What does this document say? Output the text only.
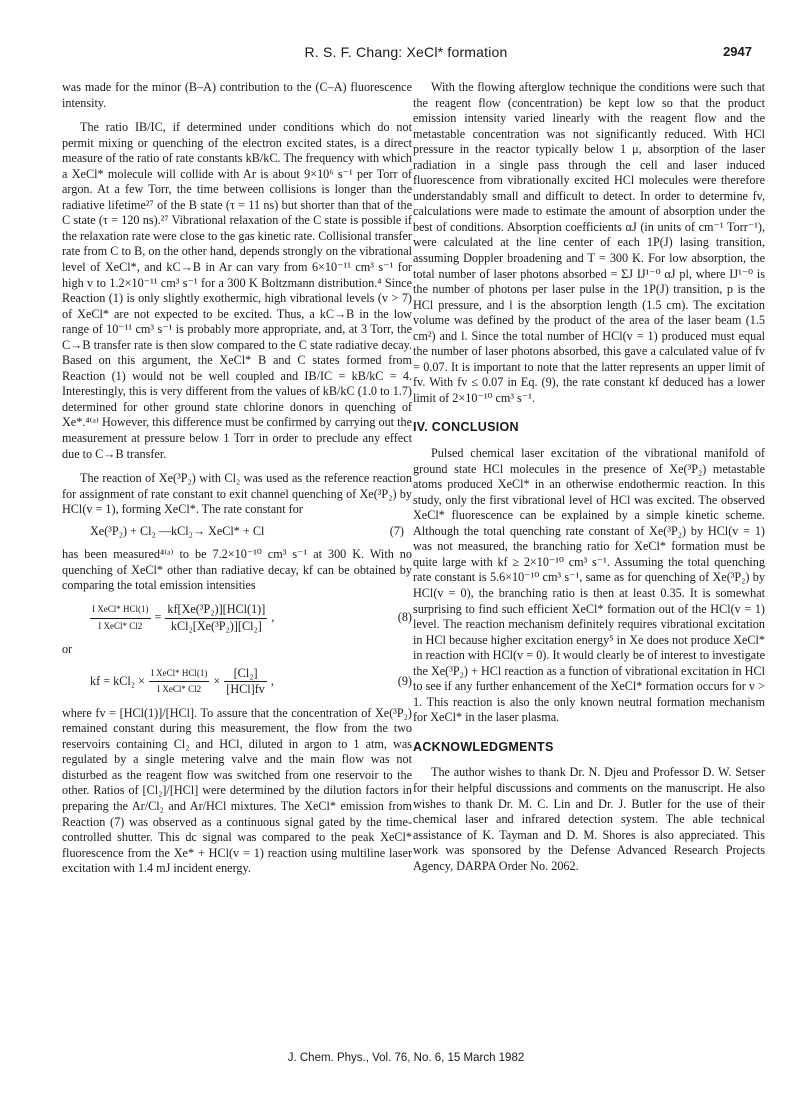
R. S. F. Chang: XeCl* formation	2947

was made for the minor (B–A) contribution to the (C–A) fluorescence intensity.

The ratio IB/IC, if determined under conditions which do not permit mixing or quenching of the electron excited states, is a direct measure of the ratio of rate constants kB/kC. The frequency with which a XeCl* molecule will collide with Ar is about 9×10⁶ s⁻¹ per Torr of argon. At a few Torr, the time between collisions is longer than the radiative lifetime²⁷ of the B state (τ = 11 ns) but shorter than that of the C state (τ = 120 ns).²⁷ Vibrational relaxation of the C state is possible if the relaxation rate were close to the gas kinetic rate. Collisional transfer rate from C to B, on the other hand, depends strongly on the vibrational level of XeCl*, and kC→B in Ar can vary from 6×10⁻¹¹ cm³ s⁻¹ for high v to 1.2×10⁻¹¹ cm³ s⁻¹ for a 300 K Boltzmann distribution.⁴ Since Reaction (1) is only slightly exothermic, high vibrational levels (v > 7) of XeCl* are not expected to be excited. Thus, a kC→B in the low range of 10⁻¹¹ cm³ s⁻¹ is probably more appropriate, and, at 3 Torr, the C→B transfer rate is then slow compared to the C state radiative decay. Based on this argument, the XeCl* B and C states formed from Reaction (1) would not be well coupled and IB/IC = kB/kC = 4. Interestingly, this is very different from the values of kB/kC (1.0 to 1.7) determined for other ground state chlorine donors in quenching of Xe*.⁴⁽ᵃ⁾ However, this difference must be confirmed by carrying out the measurement at pressure below 1 Torr in order to preclude any effect due to C→B transfer.

The reaction of Xe(³P₂) with Cl₂ was used as the reference reaction for assignment of rate constant to exit channel quenching of Xe(³P₂) by HCl(v = 1), forming XeCl*. The rate constant for

Xe(³P₂) + Cl₂ —kCl₂→ XeCl* + Cl	(7)

has been measured⁴⁽ᵃ⁾ to be 7.2×10⁻¹⁰ cm³ s⁻¹ at 300 K. With no quenching of XeCl* other than radiative decay, kf can be obtained by comparing the total emission intensities

$\frac{\text{I XeCl* HCl(1)}}{\text{I XeCl* Cl2}} = \frac{\text{kf[Xe(³P₂)][HCl(1)]}}{\text{kCl₂[Xe(³P₂)][Cl₂]}}$ ,	(8)

or

kf = $kCl_2 \times \frac{\text{I XeCl* HCl(1)}}{\text{I XeCl* Cl2}} \times \frac{\text{[Cl₂]}}{\text{[HCl]fv}}$ ,	(9)

where fv = [HCl(1)]/[HCl]. To assure that the concentration of Xe(³P₂) remained constant during this measurement, the flow from the two reservoirs containing Cl₂ and HCl, diluted in argon to 1 atm, was regulated by a single metering valve and the main flow was not disturbed as the reagent flow was switched from one reservoir to the other. Ratios of [Cl₂]/[HCl] were determined by the dilution factors in preparing the Ar/Cl₂ and Ar/HCl mixtures. The XeCl* emission from Reaction (7) was observed as a continuous signal gated by the time-controlled shutter. This dc signal was compared to the peak XeCl* fluorescence from the Xe* + HCl(v = 1) reaction using multiline laser excitation with 1.4 mJ incident energy.

With the flowing afterglow technique the conditions were such that the reagent flow (concentration) be kept low so that the product emission intensity varied linearly with the reagent flow and the metastable concentration was not significantly reduced. With HCl pressure in the reactor typically below 1 μ, absorption of the laser radiation in a single pass through the cell and laser induced fluorescence from vibrationally excited HCl molecules were therefore understandably small and difficult to detect. In order to determine fv, calculations were made to estimate the amount of absorption under the best of conditions. Absorption coefficients αJ (in units of cm⁻¹ Torr⁻¹), were calculated at the line center of each 1P(J) lasing transition, assuming Doppler broadening and T = 300 K. For low absorption, the total number of laser photons absorbed = ΣJ IJ¹⁻⁰ αJ pl, where IJ¹⁻⁰ is the number of photons per laser pulse in the 1P(J) transition, p is the HCl pressure, and l is the absorption length (1.5 cm). The excitation volume was defined by the product of the area of the laser beam (1.5 cm²) and l. Since the total number of HCl(v = 1) produced must equal the number of laser photons absorbed, this gave a calculated value of fv = 0.07. It is important to note that the latter represents an upper limit of fv. With fv ≤ 0.07 in Eq. (9), the rate constant kf deduced has a lower limit of 2×10⁻¹⁰ cm³ s⁻¹.

IV. CONCLUSION

Pulsed chemical laser excitation of the vibrational manifold of ground state HCl molecules in the presence of Xe(³P₂) metastable atoms produced XeCl* in an otherwise endothermic reaction. In this study, only the first vibrational level of HCl was excited. The observed XeCl* fluorescence can be explained by a simple kinetic scheme. Although the total quenching rate constant of Xe(³P₂) by HCl(v = 1) was not measured, the branching ratio for XeCl* formation must be quite large with kf ≥ 2×10⁻¹⁰ cm³ s⁻¹. Assuming the total quenching rate constant is 5.6×10⁻¹⁰ cm³ s⁻¹, same as for quenching of Xe(³P₂) by HCl(v = 0), the branching ratio is then at least 0.35. It is somewhat surprising to find such efficient XeCl* formation out of the HCl(v = 1) level. The reaction mechanism definitely requires vibrational excitation in HCl because higher excitation energy⁵ in Xe does not produce XeCl* in reaction with HCl(v = 0). It would clearly be of interest to investigate the Xe(³P₂) + HCl reaction as a function of vibrational excitation in HCl to see if any further enhancement of the XeCl* formation occurs for v > 1. This reaction is also the only known neutral formation mechanism for XeCl* in the laser plasma.

ACKNOWLEDGMENTS

The author wishes to thank Dr. N. Djeu and Professor D. W. Setser for their helpful discussions and comments on the manuscript. He also wishes to thank Dr. M. C. Lin and Dr. J. Butler for the use of their chemical laser and infrared detection system. The able technical assistance of K. Tayman and D. M. Shores is also appreciated. This work was sponsored by the Defense Advanced Research Projects Agency, DARPA Order No. 2062.

J. Chem. Phys., Vol. 76, No. 6, 15 March 1982
